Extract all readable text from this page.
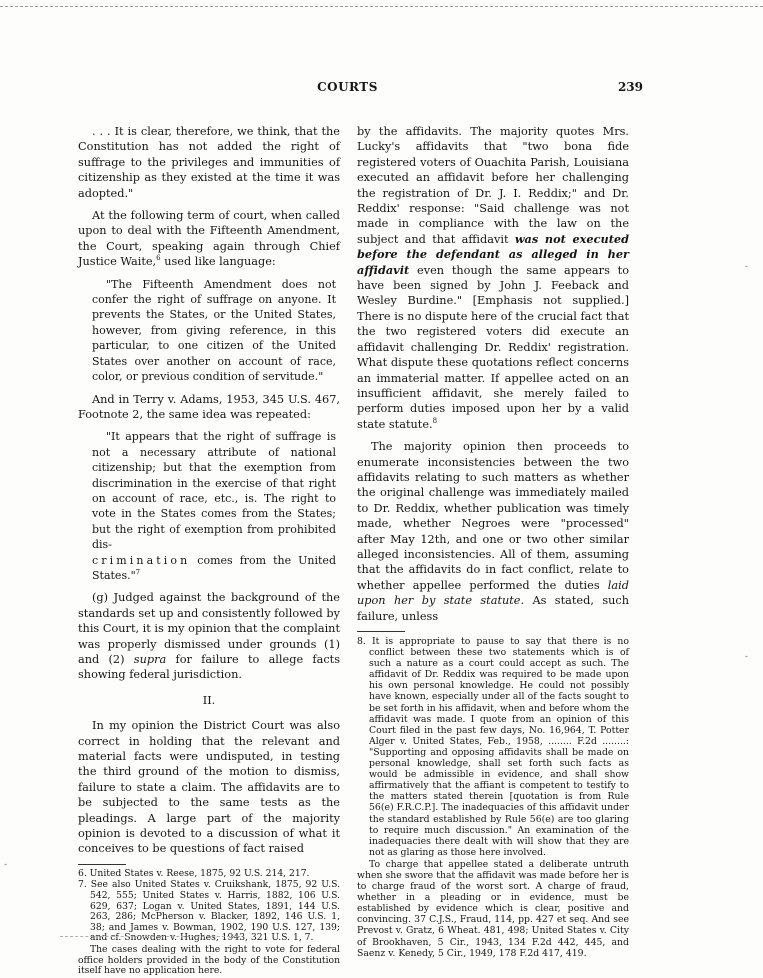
COURTS	239

. . . It is clear, therefore, we think, that the Constitution has not added the right of suffrage to the privileges and immunities of citizenship as they existed at the time it was adopted."

At the following term of court, when called upon to deal with the Fifteenth Amendment, the Court, speaking again through Chief Justice Waite,$^6$ used like language:

"The Fifteenth Amendment does not confer the right of suffrage on anyone. It prevents the States, or the United States, however, from giving reference, in this particular, to one citizen of the United States over another on account of race, color, or previous condition of servitude."

And in Terry v. Adams, 1953, 345 U.S. 467, Footnote 2, the same idea was repeated:

"It appears that the right of suffrage is not a necessary attribute of national citizenship; but that the exemption from discrimination in the exercise of that right on account of race, etc., is. The right to vote in the States comes from the States; but the right of exemption from prohibited dis-
crimination comes from the United States."$^7$

(g) Judged against the background of the standards set up and consistently followed by this Court, it is my opinion that the complaint was properly dismissed under grounds (1) and (2) supra for failure to allege facts showing federal jurisdiction.

II.

In my opinion the District Court was also correct in holding that the relevant and material facts were undisputed, in testing the third ground of the motion to dismiss, failure to state a claim. The affidavits are to be subjected to the same tests as the pleadings. A large part of the majority opinion is devoted to a discussion of what it conceives to be questions of fact raised

6. United States v. Reese, 1875, 92 U.S. 214, 217.

7. See also United States v. Cruikshank, 1875, 92 U.S. 542, 555; United States v. Harris, 1882, 106 U.S. 629, 637; Logan v. United States, 1891, 144 U.S. 263, 286; McPherson v. Blacker, 1892, 146 U.S. 1, 38; and James v. Bowman, 1902, 190 U.S. 127, 139; and cf. Snowden v. Hughes, 1943, 321 U.S. 1, 7.

The cases dealing with the right to vote for federal office holders provided in the body of the Constitution itself have no application here.

by the affidavits. The majority quotes Mrs. Lucky's affidavits that "two bona fide registered voters of Ouachita Parish, Louisiana executed an affidavit before her challenging the registration of Dr. J. I. Reddix;" and Dr. Reddix' response: "Said challenge was not made in compliance with the law on the subject and that affidavit was not executed before the defendant as alleged in her affidavit even though the same appears to have been signed by John J. Feeback and Wesley Burdine." [Emphasis not supplied.] There is no dispute here of the crucial fact that the two registered voters did execute an affidavit challenging Dr. Reddix' registration. What dispute these quotations reflect concerns an immaterial matter. If appellee acted on an insufficient affidavit, she merely failed to perform duties imposed upon her by a valid state statute.$^8$

The majority opinion then proceeds to enumerate inconsistencies between the two affidavits relating to such matters as whether the original challenge was immediately mailed to Dr. Reddix, whether publication was timely made, whether Negroes were "processed" after May 12th, and one or two other similar alleged inconsistencies. All of them, assuming that the affidavits do in fact conflict, relate to whether appellee performed the duties laid upon her by state statute. As stated, such failure, unless

8. It is appropriate to pause to say that there is no conflict between these two statements which is of such a nature as a court could accept as such. The affidavit of Dr. Reddix was required to be made upon his own personal knowledge. He could not possibly have known, especially under all of the facts sought to be set forth in his affidavit, when and before whom the affidavit was made. I quote from an opinion of this Court filed in the past few days, No. 16,964, T. Potter Alger v. United States, Feb., 1958, ........ F.2d ........: "Supporting and opposing affidavits shall be made on personal knowledge, shall set forth such facts as would be admissible in evidence, and shall show affirmatively that the affiant is competent to testify to the matters stated therein [quotation is from Rule 56(e) F.R.C.P.]. The inadequacies of this affidavit under the standard established by Rule 56(e) are too glaring to require much discussion." An examination of the inadequacies there dealt with will show that they are not as glaring as those here involved.

To charge that appellee stated a deliberate untruth when she swore that the affidavit was made before her is to charge fraud of the worst sort. A charge of fraud, whether in a pleading or in evidence, must be established by evidence which is clear, positive and convincing. 37 C.J.S., Fraud, 114, pp. 427 et seq. And see Prevost v. Gratz, 6 Wheat. 481, 498; United States v. City of Brookhaven, 5 Cir., 1943, 134 F.2d 442, 445, and Saenz v. Kenedy, 5 Cir., 1949, 178 F.2d 417, 419.

-
-
-
